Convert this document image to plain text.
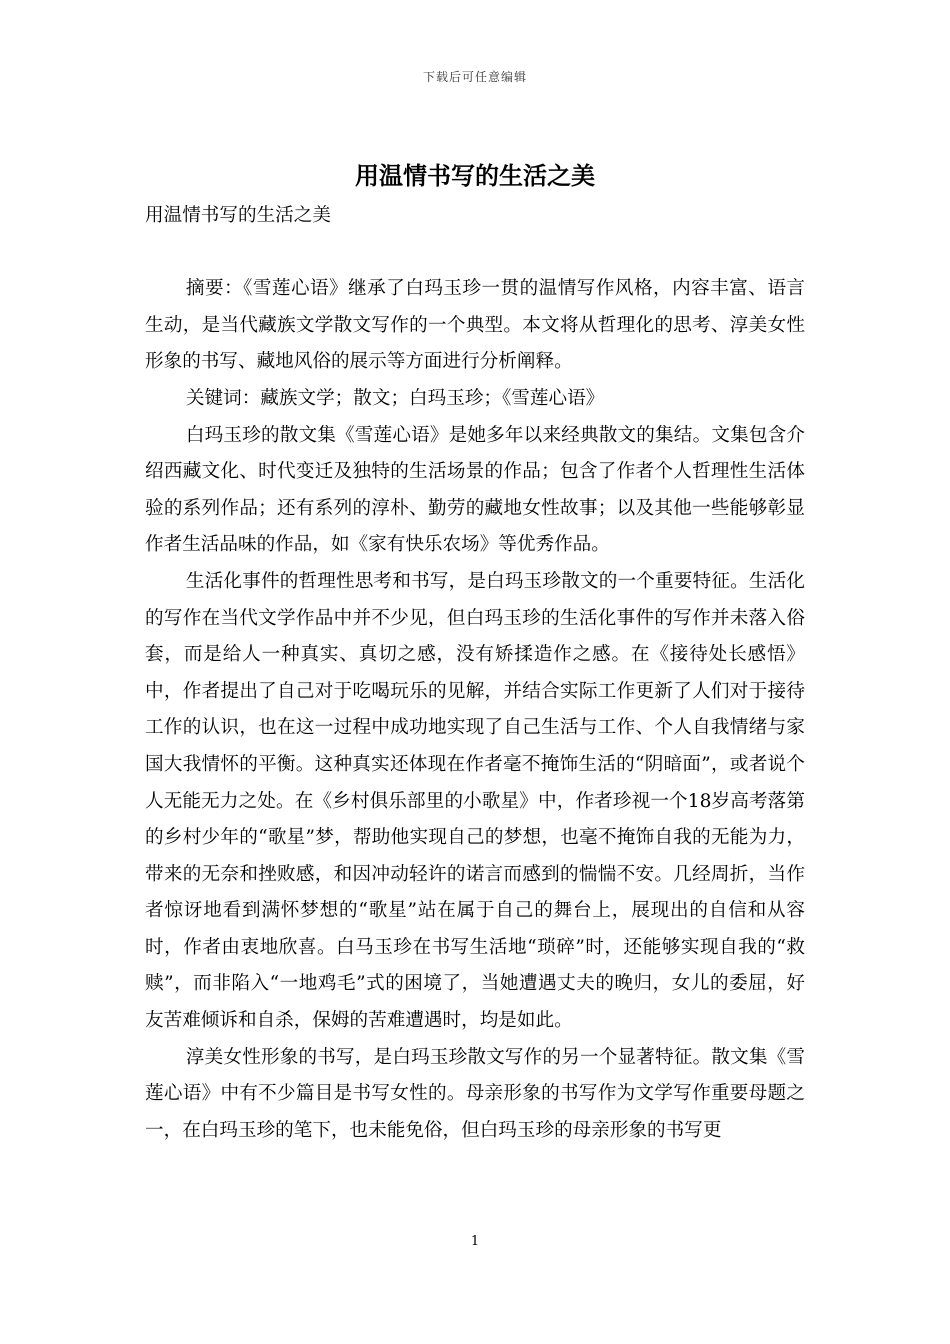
下载后可任意编辑
用温情书写的生活之美

用温情书写的生活之美

摘要：《雪莲心语》继承了白玛玉珍一贯的温情写作风格，内容丰富、语言生动，是当代藏族文学散文写作的一个典型。本文将从哲理化的思考、淳美女性形象的书写、藏地风俗的展示等方面进行分析阐释。

关键词：藏族文学；散文；白玛玉珍；《雪莲心语》

白玛玉珍的散文集《雪莲心语》是她多年以来经典散文的集结。文集包含介绍西藏文化、时代变迁及独特的生活场景的作品；包含了作者个人哲理性生活体验的系列作品；还有系列的淳朴、勤劳的藏地女性故事；以及其他一些能够彰显作者生活品味的作品，如《家有快乐农场》等优秀作品。

生活化事件的哲理性思考和书写，是白玛玉珍散文的一个重要特征。生活化的写作在当代文学作品中并不少见，但白玛玉珍的生活化事件的写作并未落入俗套，而是给人一种真实、真切之感，没有矫揉造作之感。在《接待处长感悟》中，作者提出了自己对于吃喝玩乐的见解，并结合实际工作更新了人们对于接待工作的认识，也在这一过程中成功地实现了自己生活与工作、个人自我情绪与家国大我情怀的平衡。这种真实还体现在作者毫不掩饰生活的“阴暗面”，或者说个人无能无力之处。在《乡村俱乐部里的小歌星》中，作者珍视一个18岁高考落第的乡村少年的“歌星”梦，帮助他实现自己的梦想，也毫不掩饰自我的无能为力，带来的无奈和挫败感，和因冲动轻许的诺言而感到的惴惴不安。几经周折，当作者惊讶地看到满怀梦想的“歌星”站在属于自己的舞台上，展现出的自信和从容时，作者由衷地欣喜。白马玉珍在书写生活地“琐碎”时，还能够实现自我的“救赎”，而非陷入“一地鸡毛”式的困境了，当她遭遇丈夫的晚归，女儿的委屈，好友苦难倾诉和自杀，保姆的苦难遭遇时，均是如此。

淳美女性形象的书写，是白玛玉珍散文写作的另一个显著特征。散文集《雪莲心语》中有不少篇目是书写女性的。母亲形象的书写作为文学写作重要母题之一，在白玛玉珍的笔下，也未能免俗，但白玛玉珍的母亲形象的书写更

1
